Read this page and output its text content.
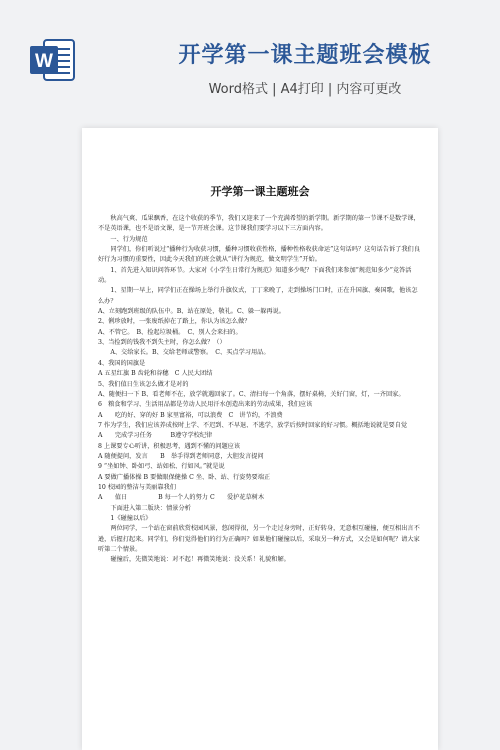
W	开学第一课主题班会模板
Word格式 | A4打印 | 内容可更改
开学第一课主题班会

秋高气爽、瓜果飘香，在这个收获的季节，我们又迎来了一个充满希望的新学期。新学期的第一节课不是数学课，不是英语课，也不是语文课，是一节开班会课。这节课我们要学习以下三方面内容。

一、行为规范

同学们，你们听说过“播种行为收获习惯，播种习惯收获性格，播种性格收获命运”这句话吗？这句话告诉了我们良好行为习惯的重要性，因此今天我们的班会就从“讲行为规范，做文明学生”开始。

1、首先进入知识问答环节。大家对《小学生日常行为规范》知道多少呢？下面我们来参加“规范知多少”竞答活动。

1、星期一早上，同学们正在操场上举行升旗仪式，丁丁来晚了，走到操场门口时，正在升国旗、奏国歌，他该怎么办？

A、立刻跑到班级的队伍中。B、站在原处，敬礼。C、躲一躲再说。

2、俐珍放时，一张废纸掉在了路上，你认为该怎么做？

A、不管它。　B、捡起垃圾桶。　C、别人会来扫的。

3、当捡到的钱我不到失主时，你怎么做？（）

A、交给家长。B、交给老师或警察。　C、买点学习用品。

4、我国的国旗是

A 五星红旗 B 齿轮和谷穗　C 人民大团结

5、我们值日生该怎么做才是对的

A、随便扫一下 B、看老师不在，放学就遇回家了。C、清扫每一个角落，摆好桌椅，关好门窗，灯，一齐回家。

6　粮食和学习、生活用品都是劳动人民用汗水创造出来的劳动成果，我们应该

A　　吃的好、穿的好 B 家里富裕，可以浪费　C　讲节约，不浪费

7 作为学生，我们应该养成按时上学、不迟到、不早退、不逃学，放学后按时回家的好习惯。概括地说就是要自觉

A　　完成学习任务　　　B遵守学校纪律

8 上课要专心听讲，积极思考，遇到不懂的问题应该

A 随便提问，发言　　B　举手得到老师同意，大胆发言提问

9 “坐如钟、卧如弓、站如松、行如风。”就是说

A 要做广播体操 B 要做眼保健操 C 坐、卧、站、行姿势要端正

10 校园的整洁与美丽靠我们

A　　值日　　　　　B 每一个人的努力 C　　爱护花草树木

下面进入第二版块：情景分析

1《碰撞以后》

两位同学，一个站在窗前欣赏校园风景，悠闲得很，另一个走过身旁时，正好转身，无意相互碰撞，便互相出言不逊，后握打起来。同学们，你们觉得他们的行为正确吗？如果他们碰撞以后，采取另一种方式，又会是如何呢？请大家听第二个情景。

碰撞后，先微笑地说：对不起！再微笑地说：没关系！礼貌和解。
